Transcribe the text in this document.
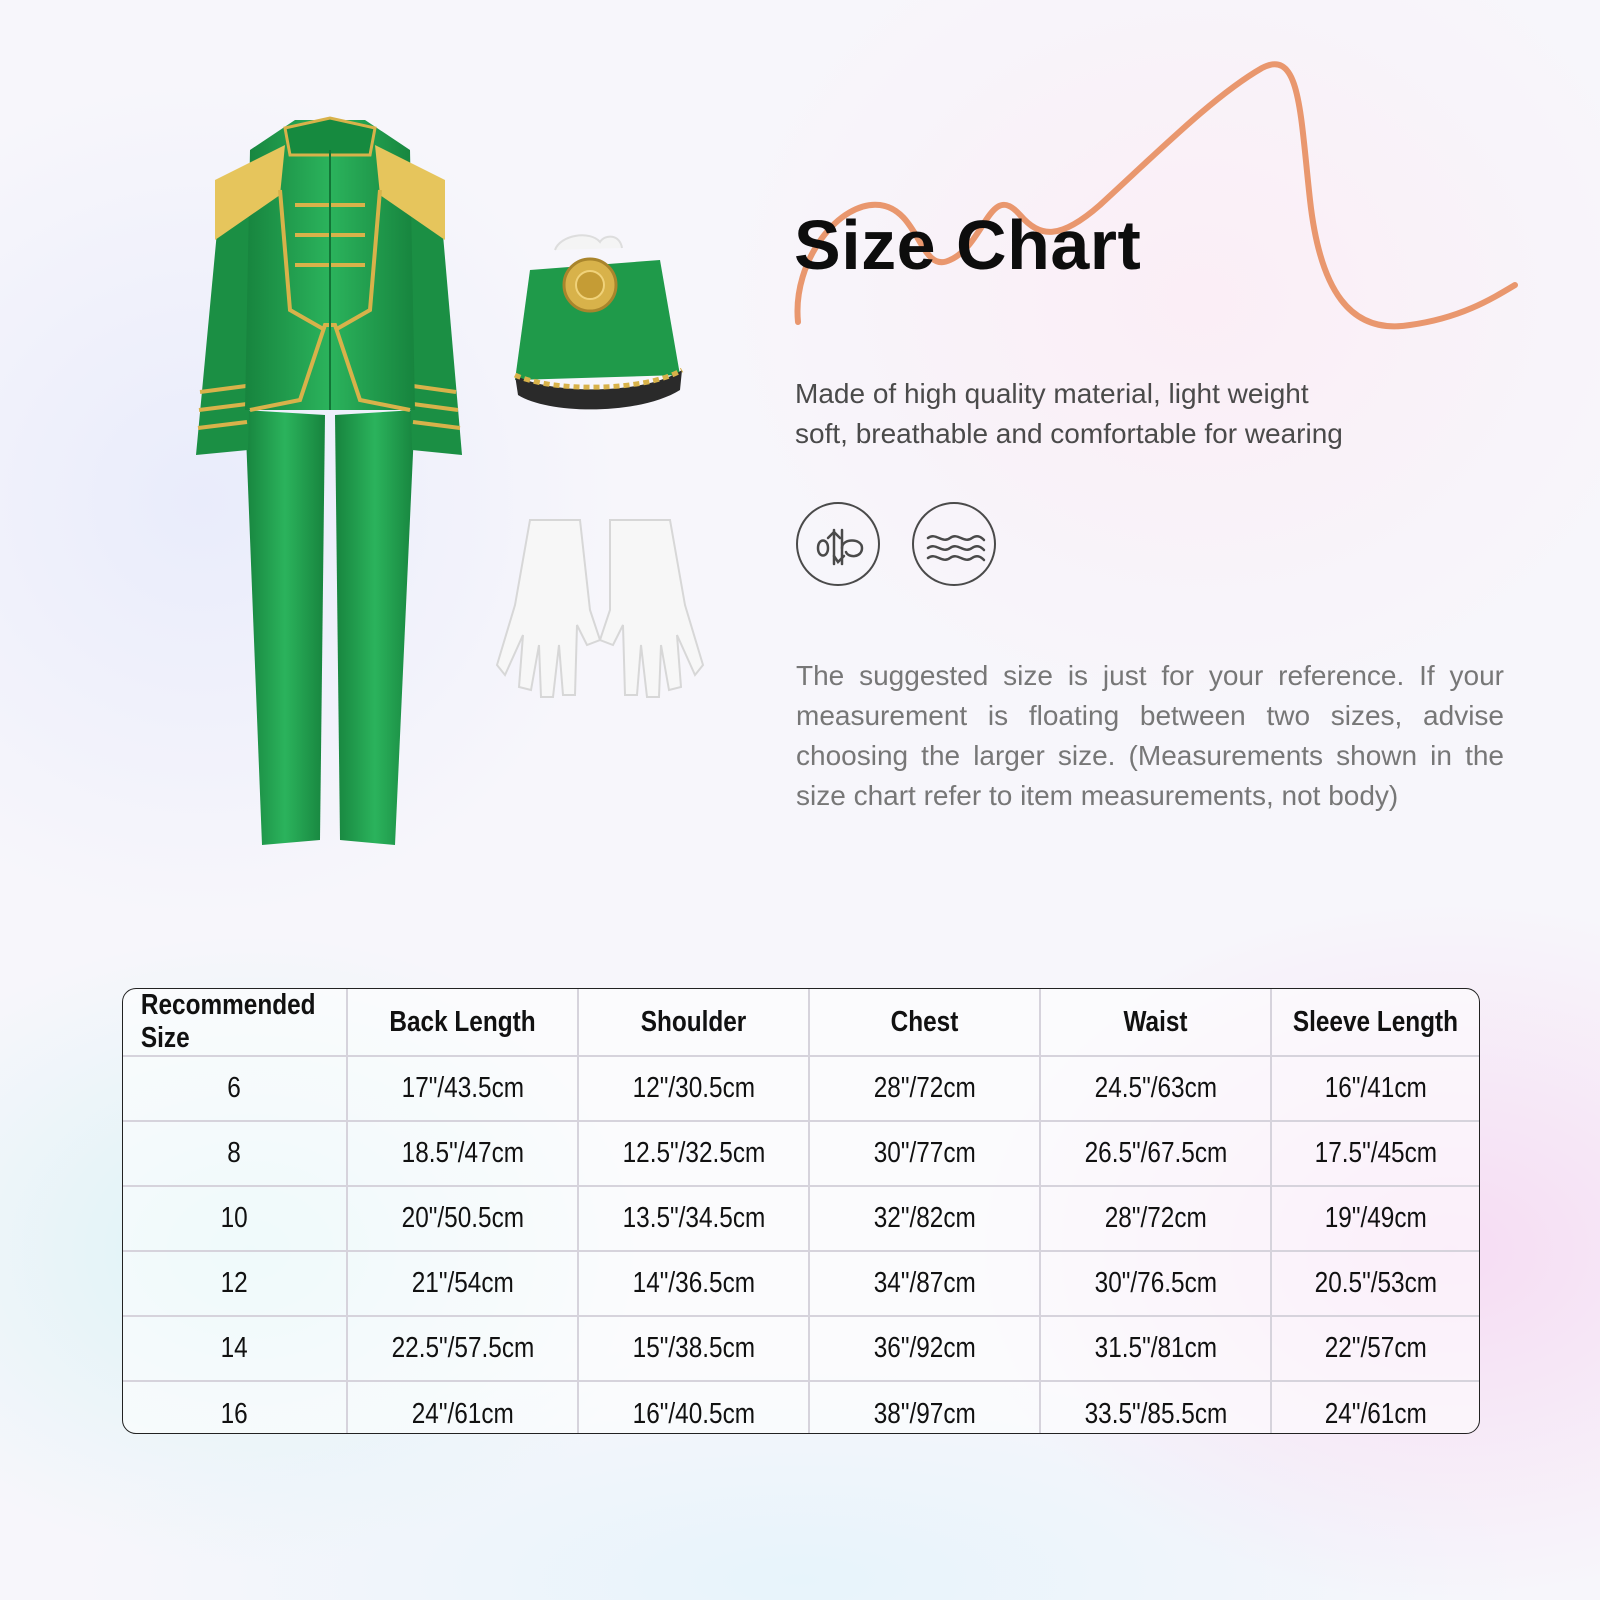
Size Chart

Made of high quality material, light weight
soft, breathable and comfortable for wearing

The suggested size is just for your reference. If your measurement is floating between two sizes, advise choosing the larger size. (Measurements shown in the size chart refer to item measurements, not body)

Recommended Size	Back Length	Shoulder	Chest	Waist	Sleeve Length
6	17"/43.5cm	12"/30.5cm	28"/72cm	24.5"/63cm	16"/41cm
8	18.5"/47cm	12.5"/32.5cm	30"/77cm	26.5"/67.5cm	17.5"/45cm
10	20"/50.5cm	13.5"/34.5cm	32"/82cm	28"/72cm	19"/49cm
12	21"/54cm	14"/36.5cm	34"/87cm	30"/76.5cm	20.5"/53cm
14	22.5"/57.5cm	15"/38.5cm	36"/92cm	31.5"/81cm	22"/57cm
16	24"/61cm	16"/40.5cm	38"/97cm	33.5"/85.5cm	24"/61cm
